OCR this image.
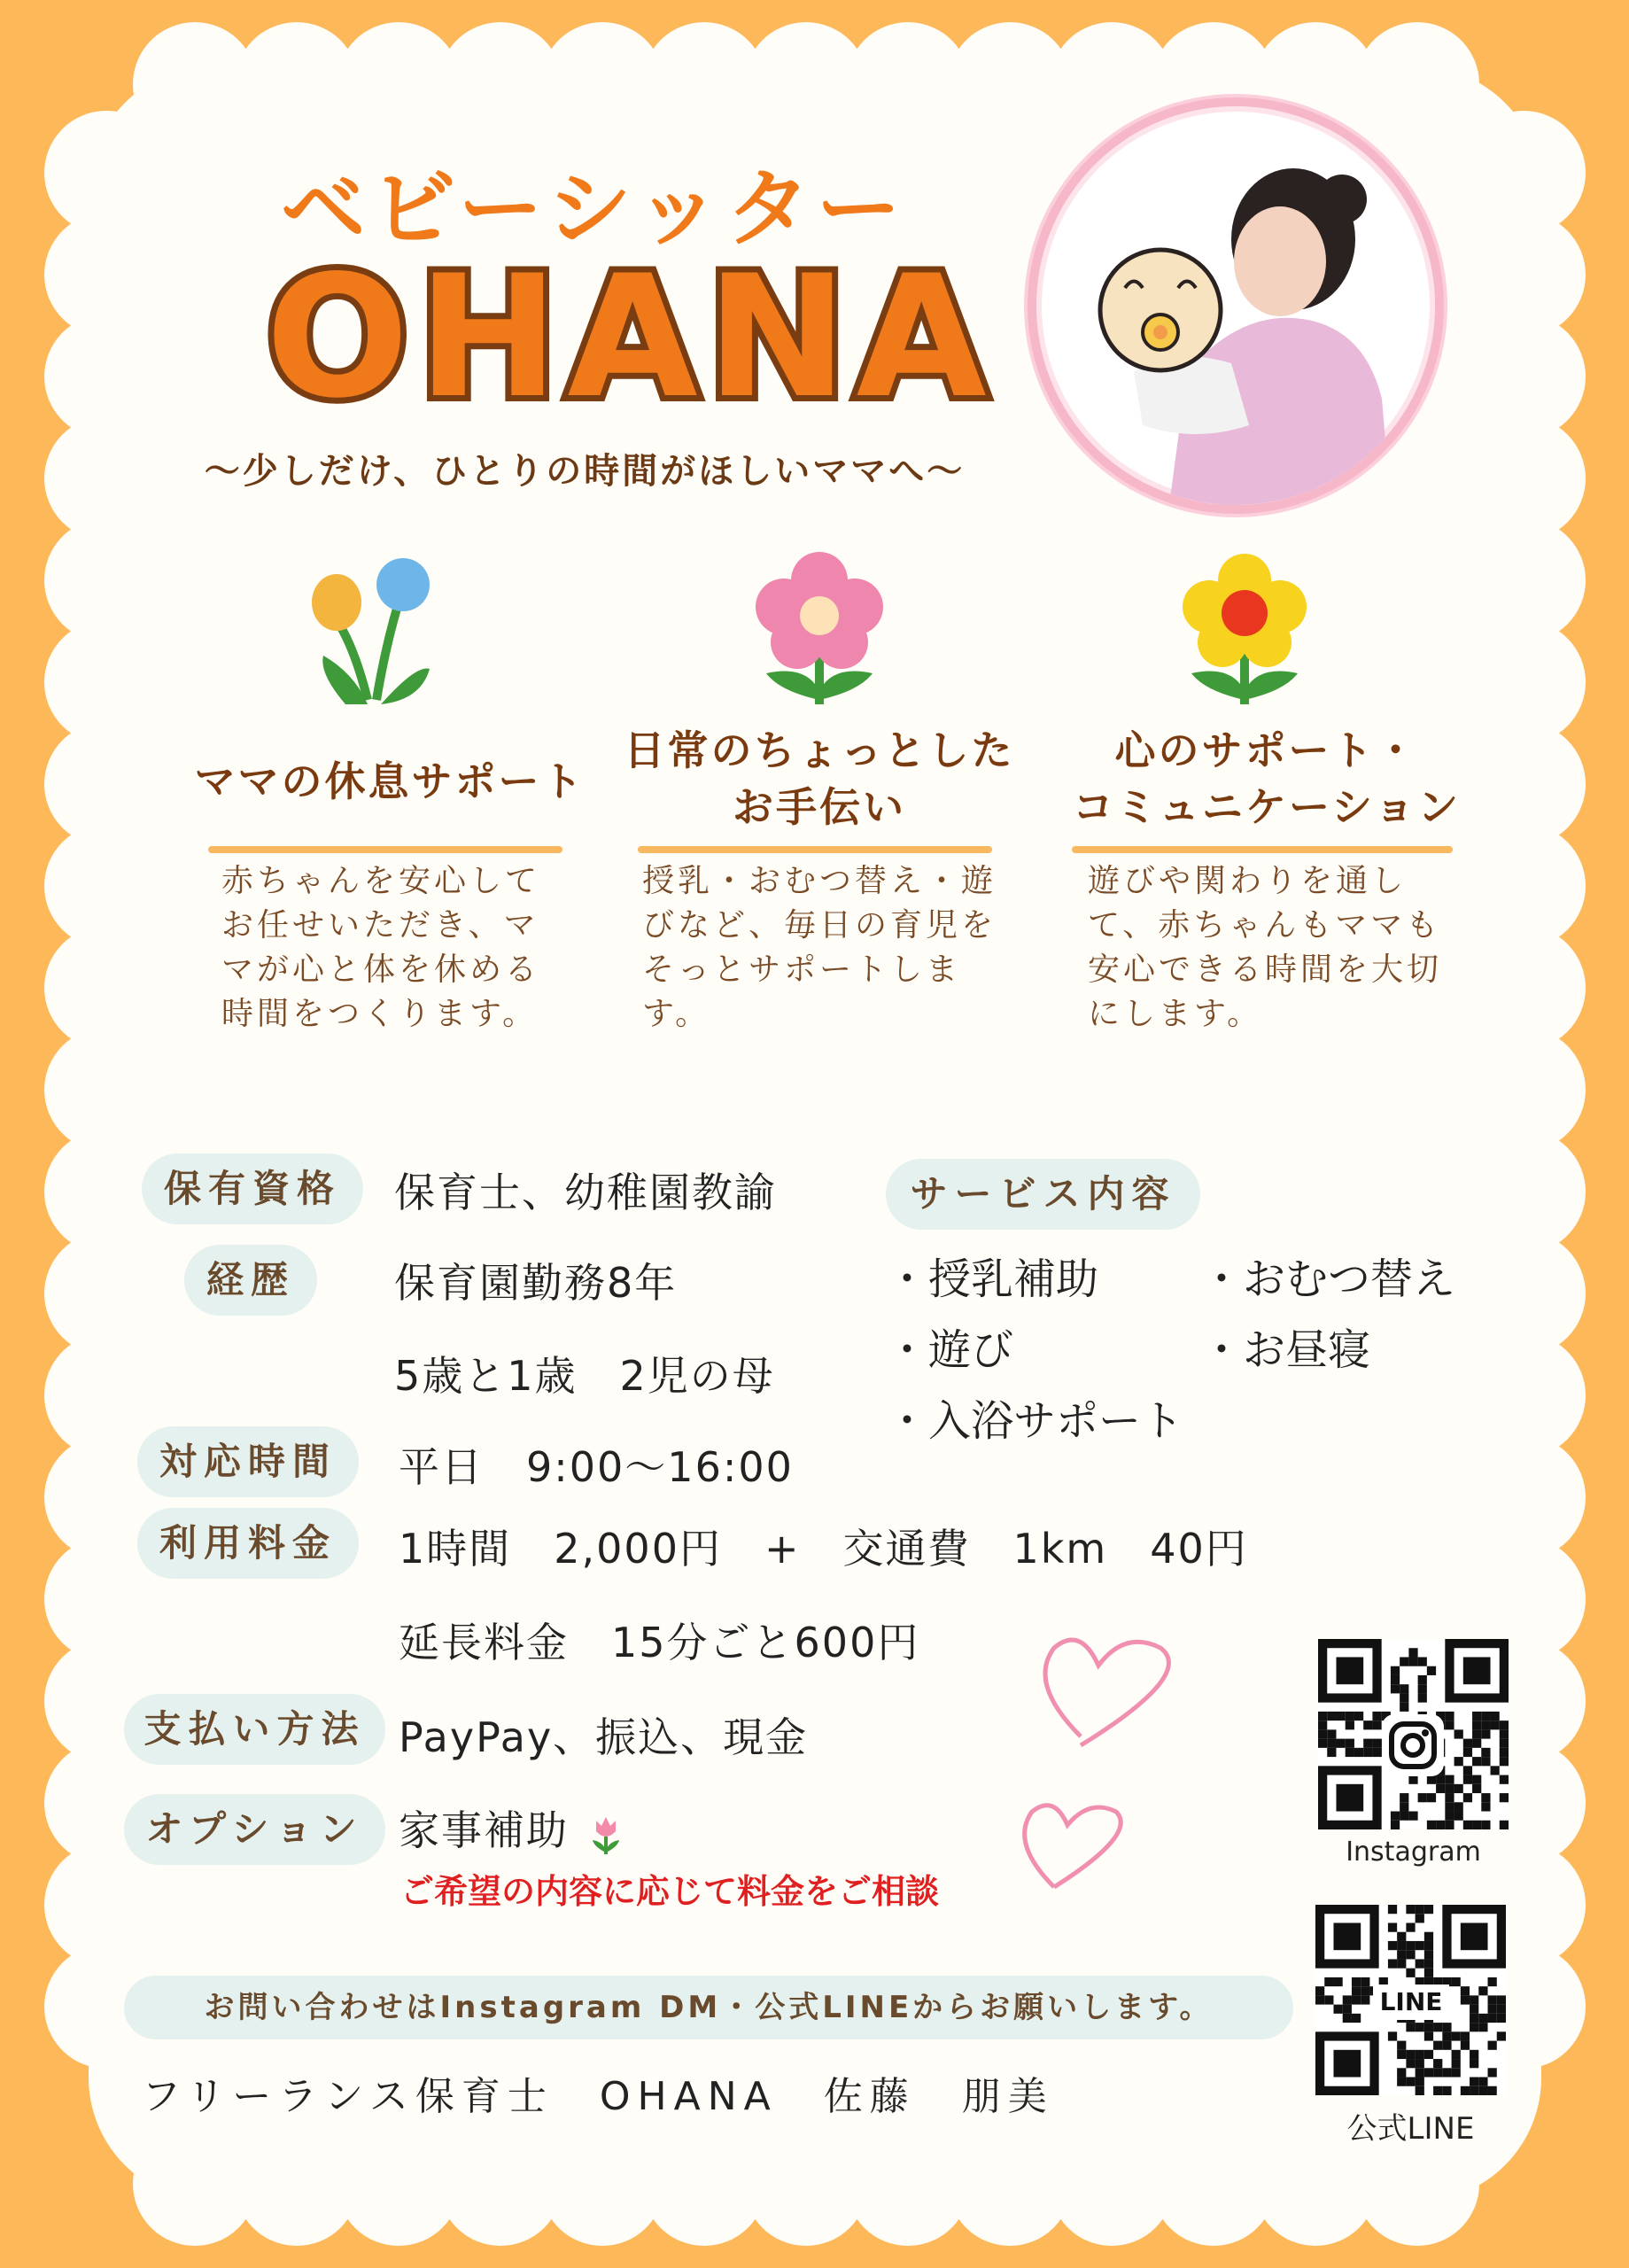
ベビーシッター
OHANA
〜少しだけ、ひとりの時間がほしいママへ〜
ママの休息サポート
赤ちゃんを安心して
お任せいただき、マ
マが心と体を休める
時間をつくります。
日常のちょっとした
お手伝い
授乳・おむつ替え・遊
びなど、毎日の育児を
そっとサポートしま
す。
心のサポート・
コミュニケーション
遊びや関わりを通し
て、赤ちゃんもママも
安心できる時間を大切
にします。
保有資格
経歴
対応時間
利用料金
支払い方法
オプション
保育士、幼稚園教諭
保育園勤務8年
5歳と1歳　2児の母
平日　9:00〜16:00
1時間　2,000円　+　交通費　1km　40円
延長料金　15分ごと600円
PayPay、振込、現金
家事補助
ご希望の内容に応じて料金をご相談
サービス内容
・授乳補助 ・おむつ替え
・遊び	・お昼寝
・入浴サポート
Instagram
LINE
公式LINE
お問い合わせはInstagram DM・公式LINEからお願いします。
フリーランス保育士　OHANA　佐藤　朋美
